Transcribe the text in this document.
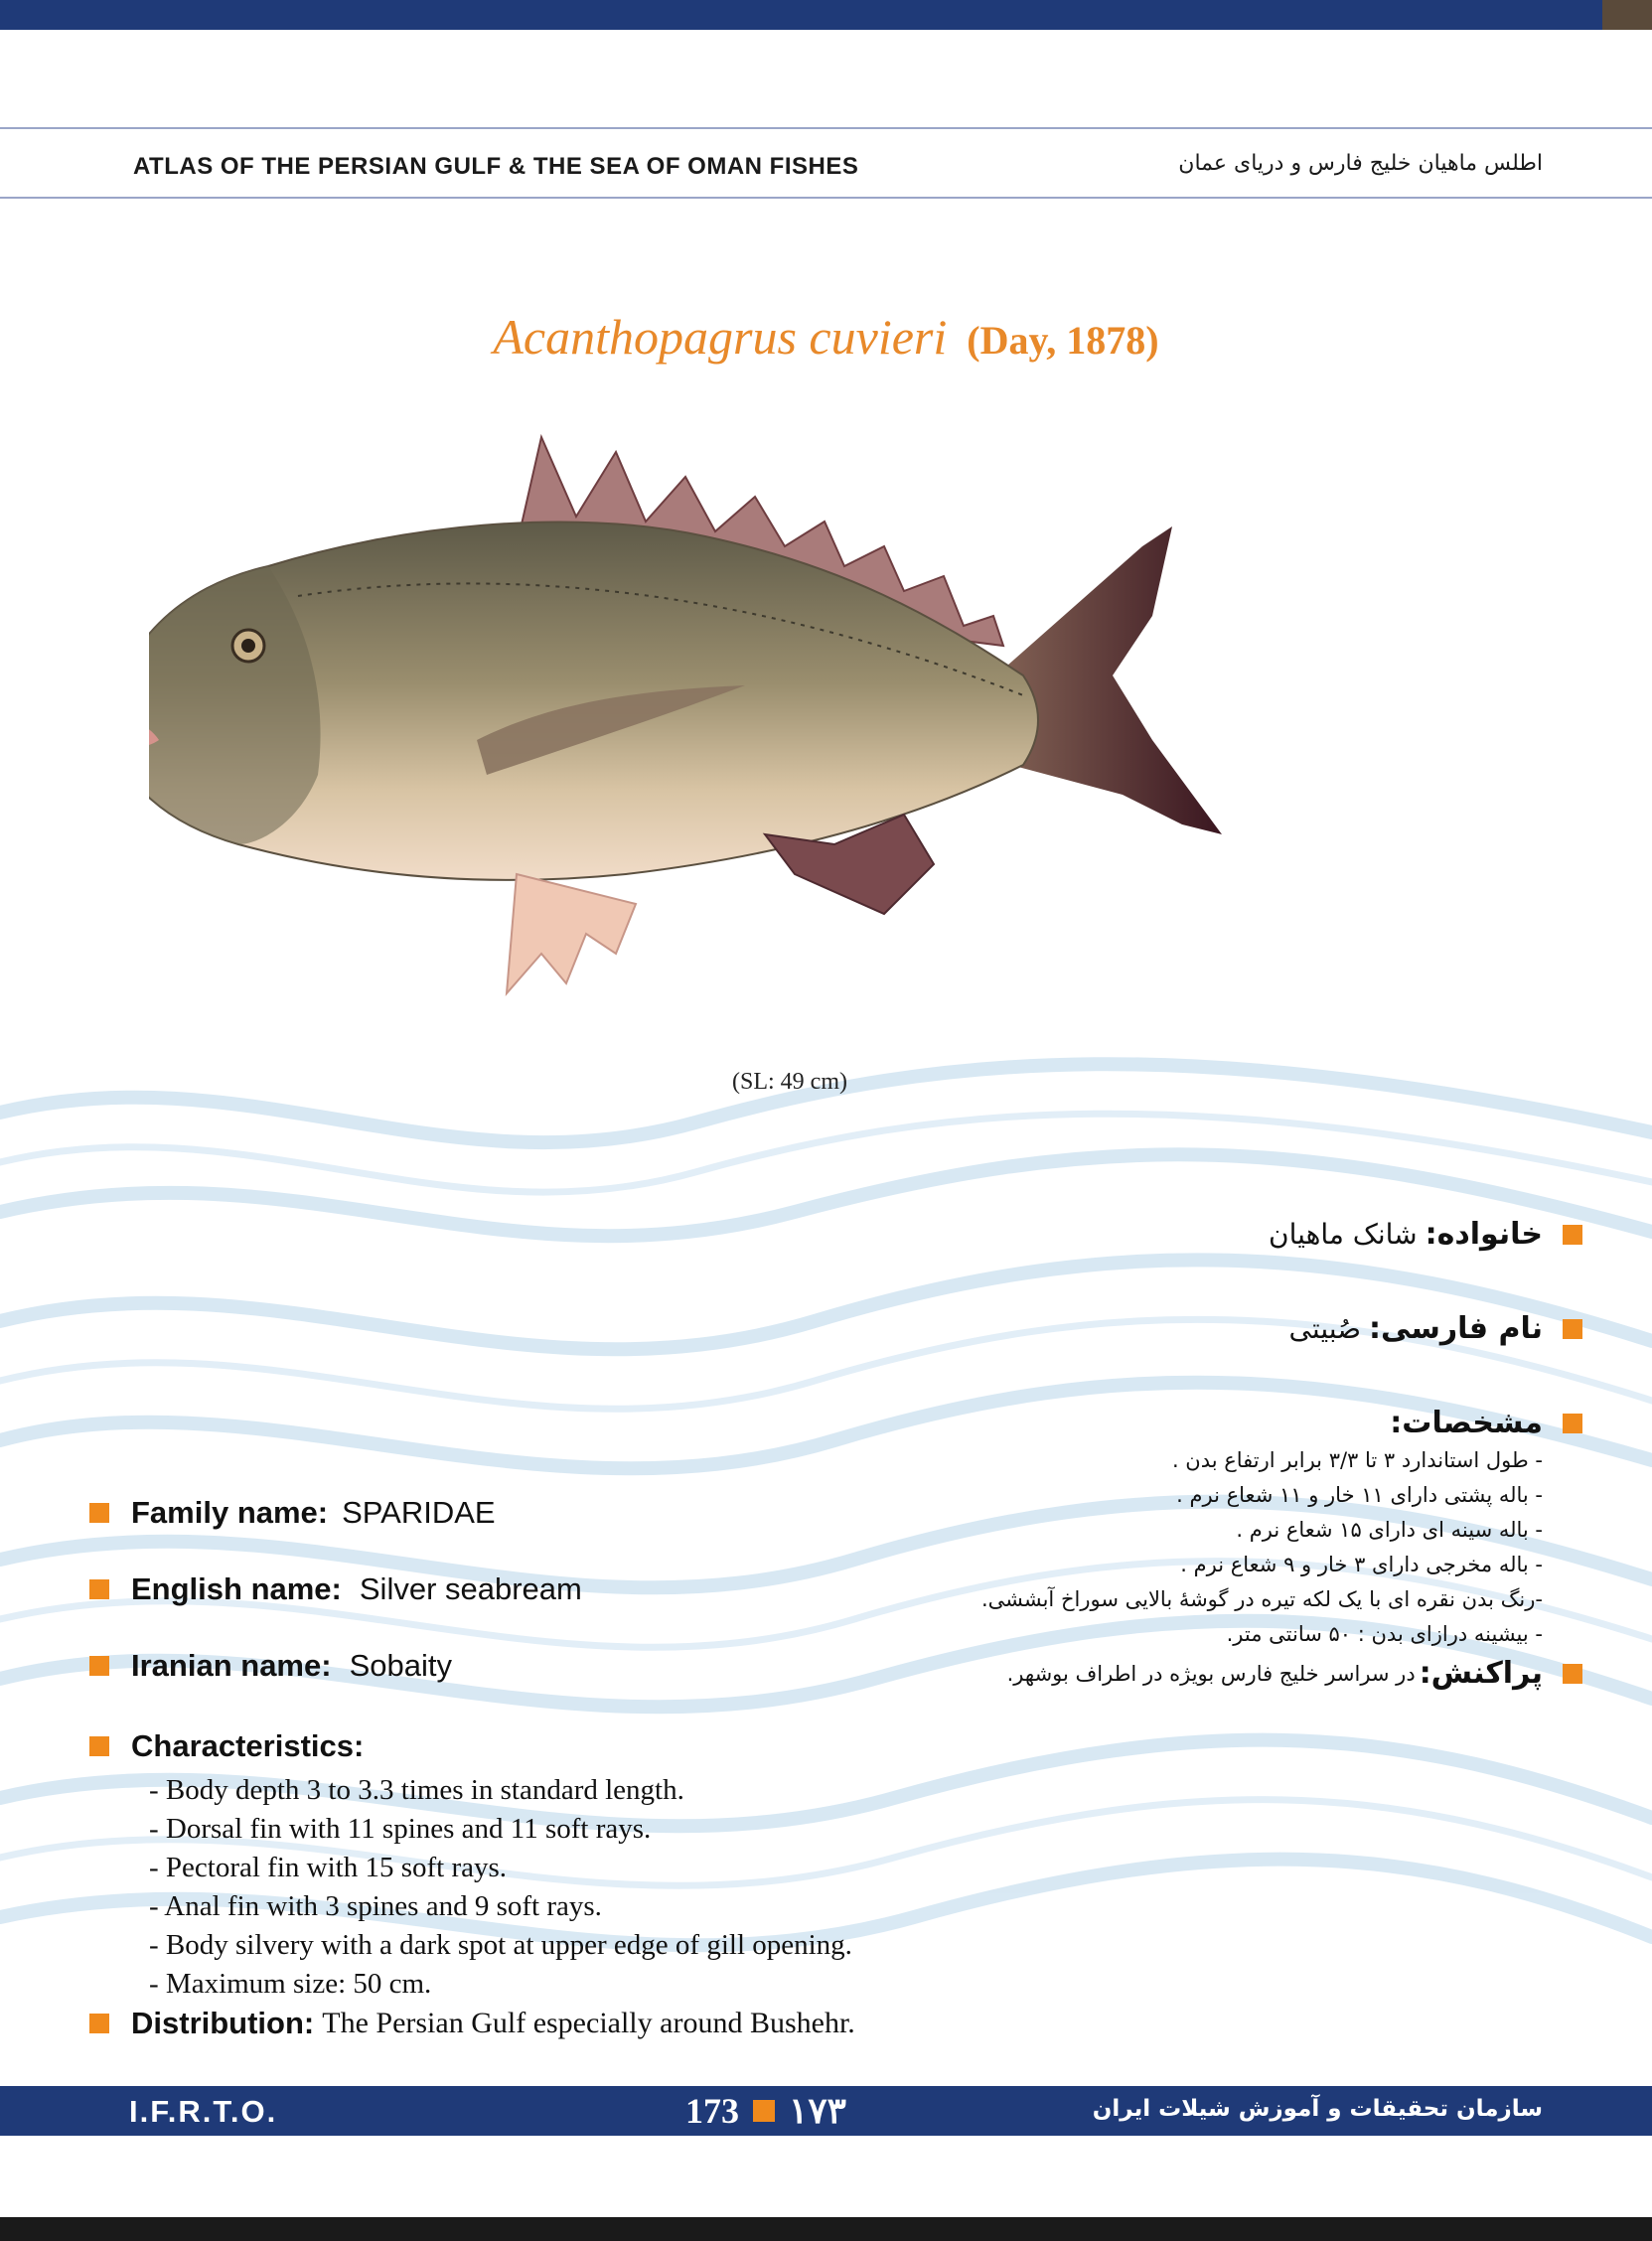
ATLAS OF THE PERSIAN GULF & THE SEA OF OMAN FISHES	اطلس ماهیان خلیج فارس و دریای عمان
Acanthopagrus cuvieri (Day, 1878)
(SL: 49 cm)
Family name: SPARIDAE
English name: Silver seabream
Iranian name: Sobaity
Characteristics:
- Body depth 3 to 3.3 times in standard length.
- Dorsal fin with 11 spines and 11 soft rays.
- Pectoral fin with 15 soft rays.
- Anal fin with 3 spines and 9 soft rays.
- Body silvery with a dark spot at upper edge of gill opening.
- Maximum size: 50 cm.
Distribution: The Persian Gulf especially around Bushehr.
خانواده:
شانک ماهیان
نام فارسی:
صُبیتی
مشخصات:
- طول استاندارد ۳ تا ۳/۳ برابر ارتفاع بدن .
- باله پشتی دارای ۱۱ خار و ۱۱ شعاع نرم .
- باله سینه ای دارای ۱۵ شعاع نرم .
- باله مخرجی دارای ۳ خار و ۹ شعاع نرم .
-رنگ بدن نقره ای با یک لکه تیره در گوشهٔ بالایی سوراخ آبششی.
- بیشینه درازای بدن : ۵۰ سانتی متر.
پراکنش:
در سراسر خلیج فارس بویژه در اطراف بوشهر.
I.F.R.T.O.	173 ۱۷۳	سازمان تحقیقات و آموزش شیلات ایران
